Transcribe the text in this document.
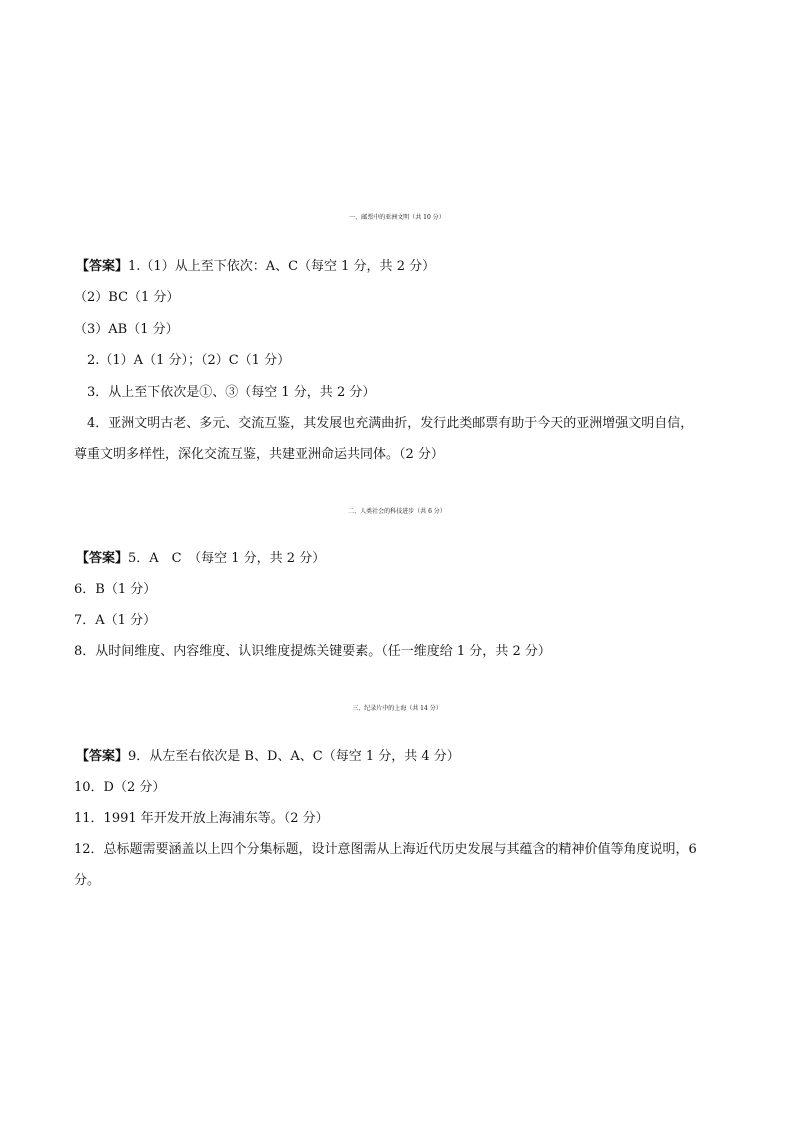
一、邮票中的亚洲文明（共 10 分）
【答案】1.（1）从上至下依次：A、C（每空 1 分，共 2 分）
（2）BC（1 分）
（3）AB（1 分）
2.（1）A（1 分）；（2）C（1 分）
3．从上至下依次是①、③（每空 1 分，共 2 分）
4．亚洲文明古老、多元、交流互鉴，其发展也充满曲折，发行此类邮票有助于今天的亚洲增强文明自信，
尊重文明多样性，深化交流互鉴，共建亚洲命运共同体。（2 分）
二、人类社会的科技进步（共 6 分）
【答案】5．A　C　（每空 1 分，共 2 分）
6．B（1 分）
7．A（1 分）
8．从时间维度、内容维度、认识维度提炼关键要素。（任一维度给 1 分，共 2 分）
三、纪录片中的上海（共 14 分）
【答案】9．从左至右依次是 B、D、A、C（每空 1 分，共 4 分）
10．D（2 分）
11．1991 年开发开放上海浦东等。（2 分）
12．总标题需要涵盖以上四个分集标题，设计意图需从上海近代历史发展与其蕴含的精神价值等角度说明，6
分。
